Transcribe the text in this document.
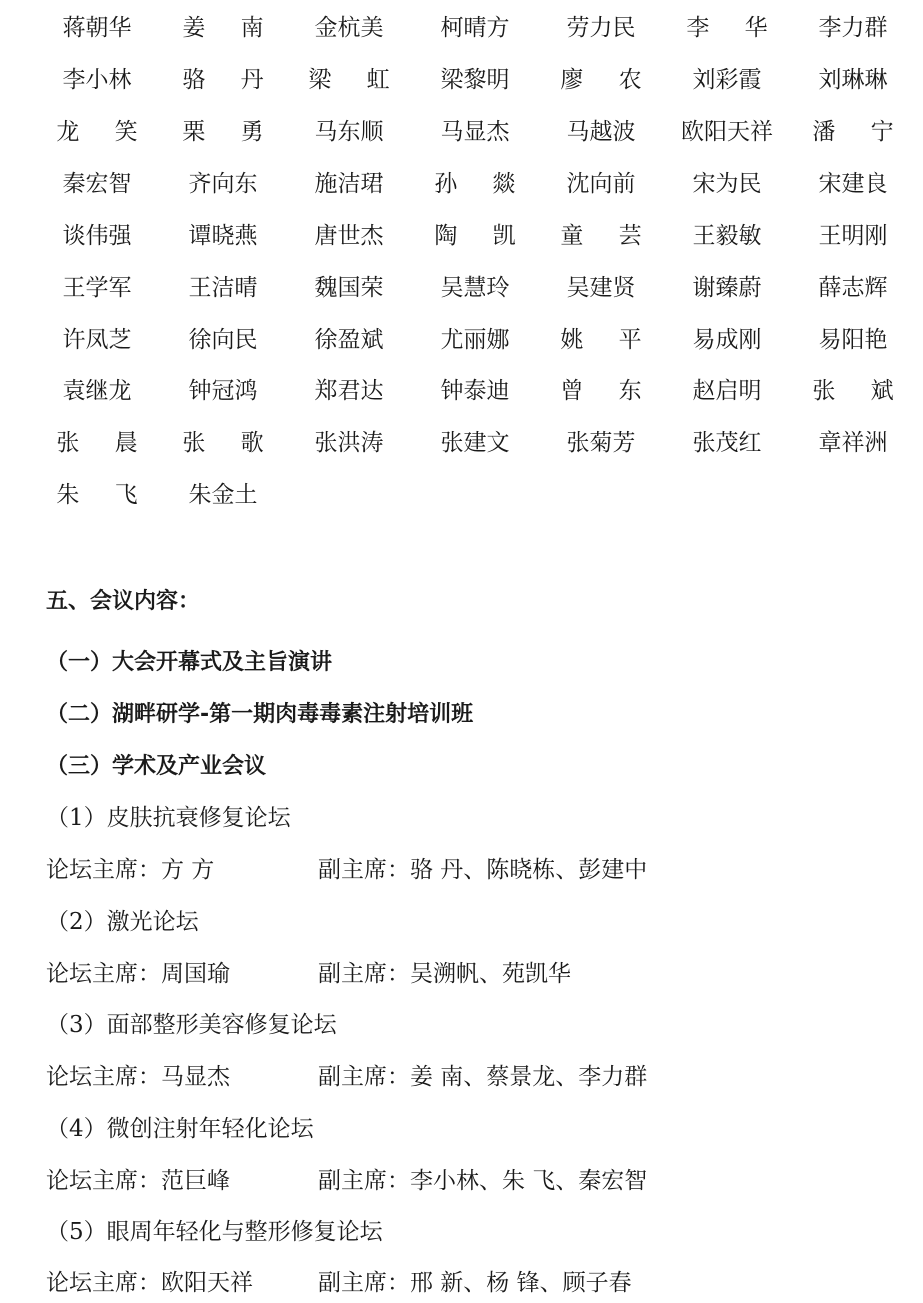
蒋朝华	姜 南	金杭美	柯晴方	劳力民	李 华	李力群
李小林	骆 丹	梁 虹	梁黎明	廖 农	刘彩霞	刘琳琳
龙 笑	栗 勇	马东顺	马显杰	马越波	欧阳天祥	潘 宁
秦宏智	齐向东	施洁珺	孙 燚	沈向前	宋为民	宋建良
谈伟强	谭晓燕	唐世杰	陶 凯	童 芸	王毅敏	王明刚
王学军	王洁晴	魏国荣	吴慧玲	吴建贤	谢臻蔚	薛志辉
许凤芝	徐向民	徐盈斌	尤丽娜	姚 平	易成刚	易阳艳
袁继龙	钟冠鸿	郑君达	钟泰迪	曾 东	赵启明	张 斌
张 晨	张 歌	张洪涛	张建文	张菊芳	张茂红	章祥洲
朱 飞	朱金土
五、会议内容：
（一）大会开幕式及主旨演讲
（二）湖畔研学-第一期肉毒毒素注射培训班
（三）学术及产业会议
（1）皮肤抗衰修复论坛
论坛主席：方 方	副主席：骆 丹、陈晓栋、彭建中
（2）激光论坛
论坛主席：周国瑜	副主席：吴溯帆、苑凯华
（3）面部整形美容修复论坛
论坛主席：马显杰	副主席：姜 南、蔡景龙、李力群
（4）微创注射年轻化论坛
论坛主席：范巨峰	副主席：李小林、朱 飞、秦宏智
（5）眼周年轻化与整形修复论坛
论坛主席：欧阳天祥	副主席：邢 新、杨 锋、顾子春
